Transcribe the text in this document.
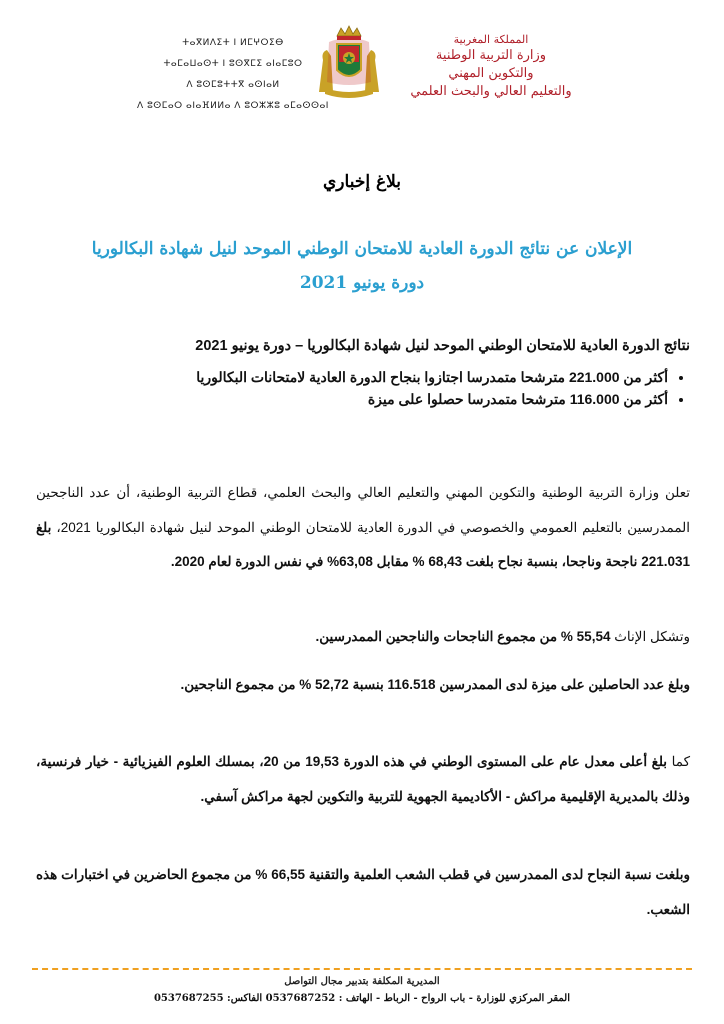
المملكة المغربية
وزارة التربية الوطنية
والتكوين المهني
والتعليم العالي والبحث العلمي
ⵜⴰⴳⵍⴷⵉⵜ ⵏ ⵍⵎⵖⵔⵉⴱ
ⵜⴰⵎⴰⵡⴰⵙⵜ ⵏ ⵓⵙⴳⵎⵉ ⴰⵏⴰⵎⵓⵔ
ⴷ ⵓⵙⵎⵓⵜⵜⴳ ⴰⵙⵏⴰⵍ
ⴷ ⵓⵙⵎⴰⵔ ⴰⵏⴰⴼⵍⵍⴰ ⴷ ⵓⵔⵣⵣⵓ ⴰⵎⴰⵙⵙⴰⵏ
بلاغ إخباري
الإعلان عن نتائج الدورة العادية للامتحان الوطني الموحد لنيل شهادة البكالوريا
دورة يونيو 2021

نتائج الدورة العادية للامتحان الوطني الموحد لنيل شهادة البكالوريا – دورة يونيو 2021

• أكثر من 221.000 مترشحا متمدرسا اجتازوا بنجاح الدورة العادية لامتحانات البكالوريا
• أكثر من 116.000 مترشحا متمدرسا حصلوا على ميزة

تعلن وزارة التربية الوطنية والتكوين المهني والتعليم العالي والبحث العلمي، قطاع التربية الوطنية، أن عدد الناجحين الممدرسين بالتعليم العمومي والخصوصي في الدورة العادية للامتحان الوطني الموحد لنيل شهادة البكالوريا 2021، بلغ 221.031 ناجحة وناجحا، بنسبة نجاح بلغت 68,43 % مقابل 63,08% في نفس الدورة لعام 2020.

وتشكل الإناث 55,54 % من مجموع الناجحات والناجحين الممدرسين.

وبلغ عدد الحاصلين على ميزة لدى الممدرسين 116.518 بنسبة 52,72 % من مجموع الناجحين.

كما بلغ أعلى معدل عام على المستوى الوطني في هذه الدورة 19,53 من 20، بمسلك العلوم الفيزيائية - خيار فرنسية، وذلك بالمديرية الإقليمية مراكش - الأكاديمية الجهوية للتربية والتكوين لجهة مراكش آسفي.

وبلغت نسبة النجاح لدى الممدرسين في قطب الشعب العلمية والتقنية 66,55 % من مجموع الحاضرين في اختبارات هذه الشعب.

المديرية المكلفة بتدبير مجال التواصل
المقر المركزي للوزارة - باب الرواح - الرباط - الهاتف : 0537687252 الفاكس: 0537687255
